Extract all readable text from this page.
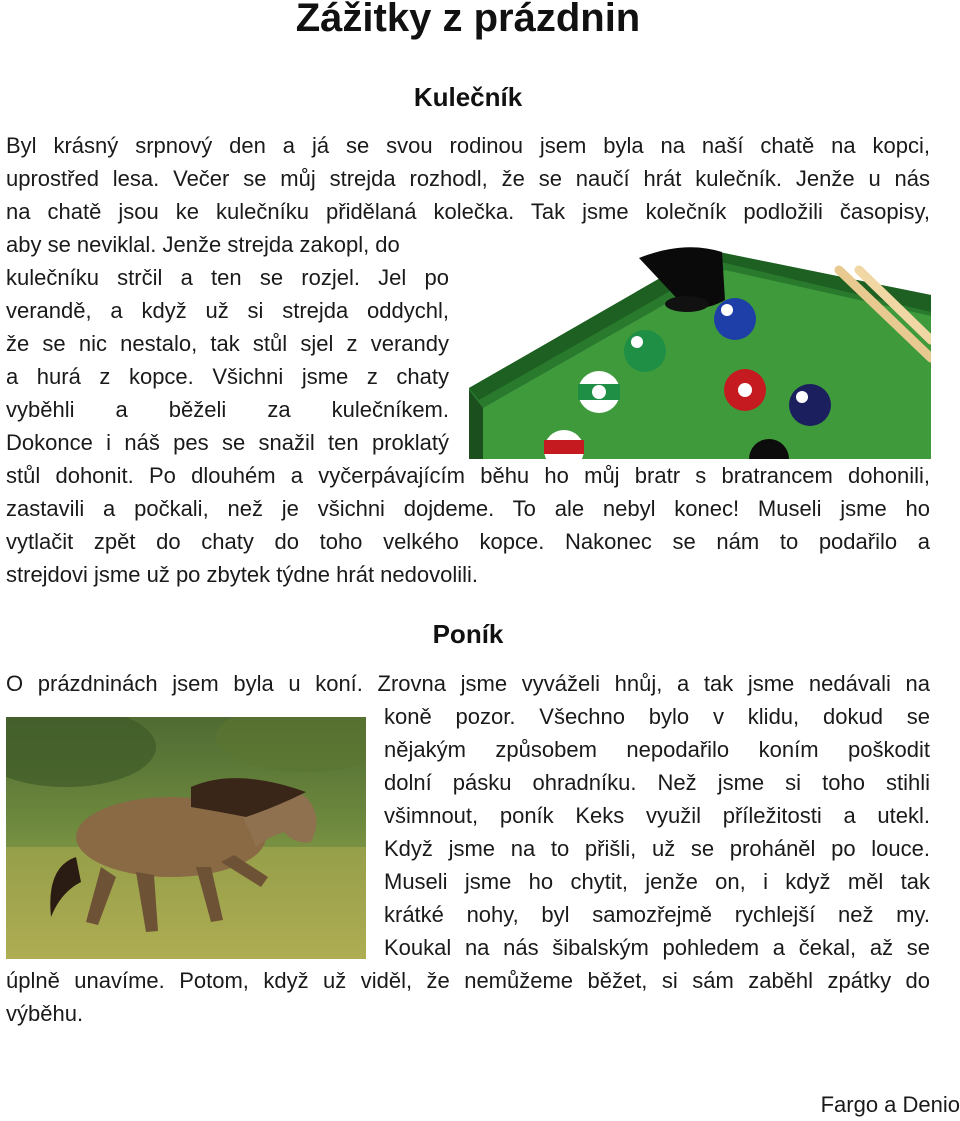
Zážitky z prázdnin
Kulečník

Byl krásný srpnový den a já se svou rodinou jsem byla na naší chatě na kopci,

uprostřed lesa. Večer se můj strejda rozhodl, že se naučí hrát kulečník. Jenže u nás

na chatě jsou ke kulečníku přidělaná kolečka. Tak jsme kolečník podložili časopisy,

aby se neviklal. Jenže strejda zakopl, do

kulečníku strčil a ten se rozjel. Jel po

verandě, a když už si strejda oddychl,

že se nic nestalo, tak stůl sjel z verandy

a hurá z kopce. Všichni jsme z chaty

vyběhli a běželi za kulečníkem.

Dokonce i náš pes se snažil ten proklatý

stůl dohonit. Po dlouhém a vyčerpávajícím běhu ho můj bratr s bratrancem dohonili,

zastavili a počkali, než je všichni dojdeme. To ale nebyl konec! Museli jsme ho

vytlačit zpět do chaty do toho velkého kopce. Nakonec se nám to podařilo a

strejdovi jsme už po zbytek týdne hrát nedovolili.

Poník

O prázdninách jsem byla u koní. Zrovna jsme vyváželi hnůj, a tak jsme nedávali na

koně pozor. Všechno bylo v klidu, dokud se

nějakým způsobem nepodařilo koním poškodit

dolní pásku ohradníku. Než jsme si toho stihli

všimnout, poník Keks využil příležitosti a utekl.

Když jsme na to přišli, už se proháněl po louce.

Museli jsme ho chytit, jenže on, i když měl tak

krátké nohy, byl samozřejmě rychlejší než my.

Koukal na nás šibalským pohledem a čekal, až se

úplně unavíme. Potom, když už viděl, že nemůžeme běžet, si sám zaběhl zpátky do

výběhu.

Fargo a Denio
